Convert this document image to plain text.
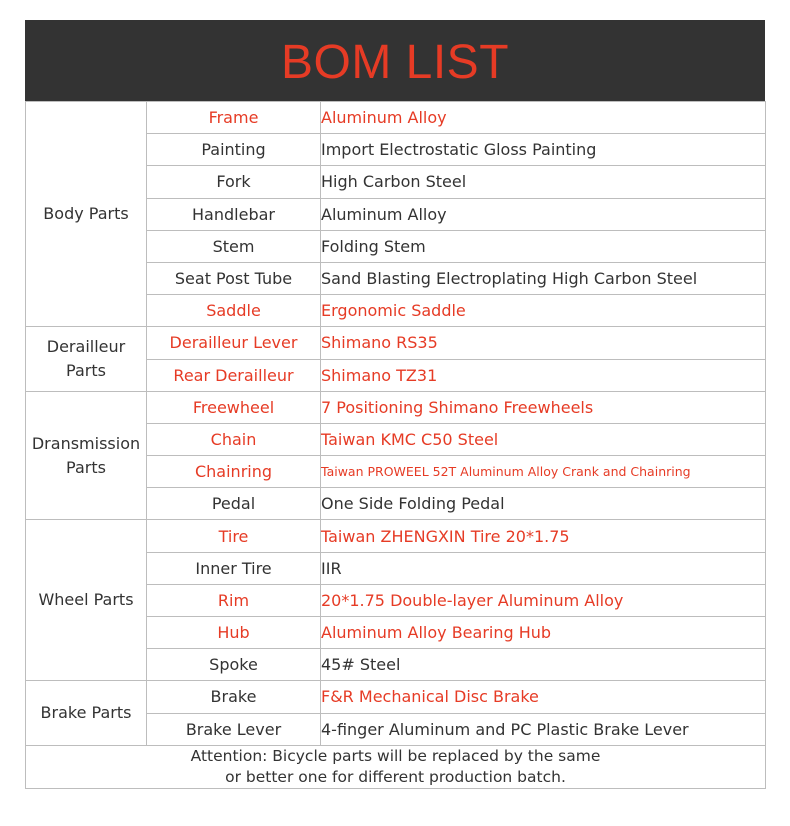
BOM LIST
Body Parts	Frame	Aluminum Alloy
	Painting	Import Electrostatic Gloss Painting
	Fork	High Carbon Steel
	Handlebar	Aluminum Alloy
	Stem	Folding Stem
	Seat Post Tube	Sand Blasting Electroplating High Carbon Steel
	Saddle	Ergonomic Saddle

Derailleur
Parts	Derailleur Lever	Shimano RS35
	Rear Derailleur	Shimano TZ31

Dransmission
Parts	Freewheel	7 Positioning Shimano Freewheels
	Chain	Taiwan KMC C50 Steel
	Chainring	Taiwan PROWEEL 52T Aluminum Alloy Crank and Chainring
	Pedal	One Side Folding Pedal

Wheel Parts	Tire	Taiwan ZHENGXIN Tire 20*1.75
	Inner Tire	IIR
	Rim	20*1.75 Double-layer Aluminum Alloy
	Hub	Aluminum Alloy Bearing Hub
	Spoke	45# Steel

Brake Parts	Brake	F&R Mechanical Disc Brake
	Brake Lever	4-finger Aluminum and PC Plastic Brake Lever

Attention: Bicycle parts will be replaced by the same
or better one for different production batch.		
